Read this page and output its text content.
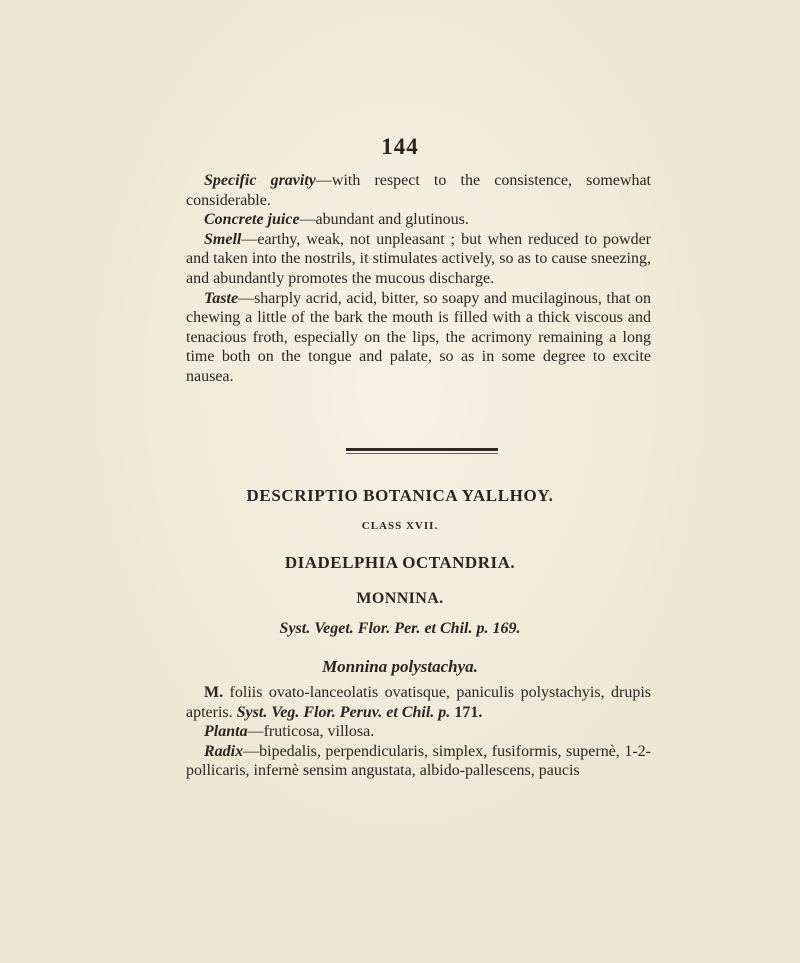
144

Specific gravity—with respect to the consistence, somewhat considerable.

Concrete juice—abundant and glutinous.

Smell—earthy, weak, not unpleasant ; but when reduced to powder and taken into the nostrils, it stimulates actively, so as to cause sneezing, and abundantly promotes the mucous discharge.

Taste—sharply acrid, acid, bitter, so soapy and mucilaginous, that on chewing a little of the bark the mouth is filled with a thick viscous and tenacious froth, especially on the lips, the acrimony remaining a long time both on the tongue and palate, so as in some degree to excite nausea.

DESCRIPTIO BOTANICA YALLHOY.
CLASS XVII.
DIADELPHIA OCTANDRIA.
MONNINA.
Syst. Veget. Flor. Per. et Chil. p. 169.
Monnina polystachya.

M. foliis ovato-lanceolatis ovatisque, paniculis polystachyis, drupis apteris. Syst. Veg. Flor. Peruv. et Chil. p. 171.

Planta—fruticosa, villosa.

Radix—bipedalis, perpendicularis, simplex, fusiformis, supernè, 1-2-pollicaris, infernè sensim angustata, albido-pallescens, paucis
